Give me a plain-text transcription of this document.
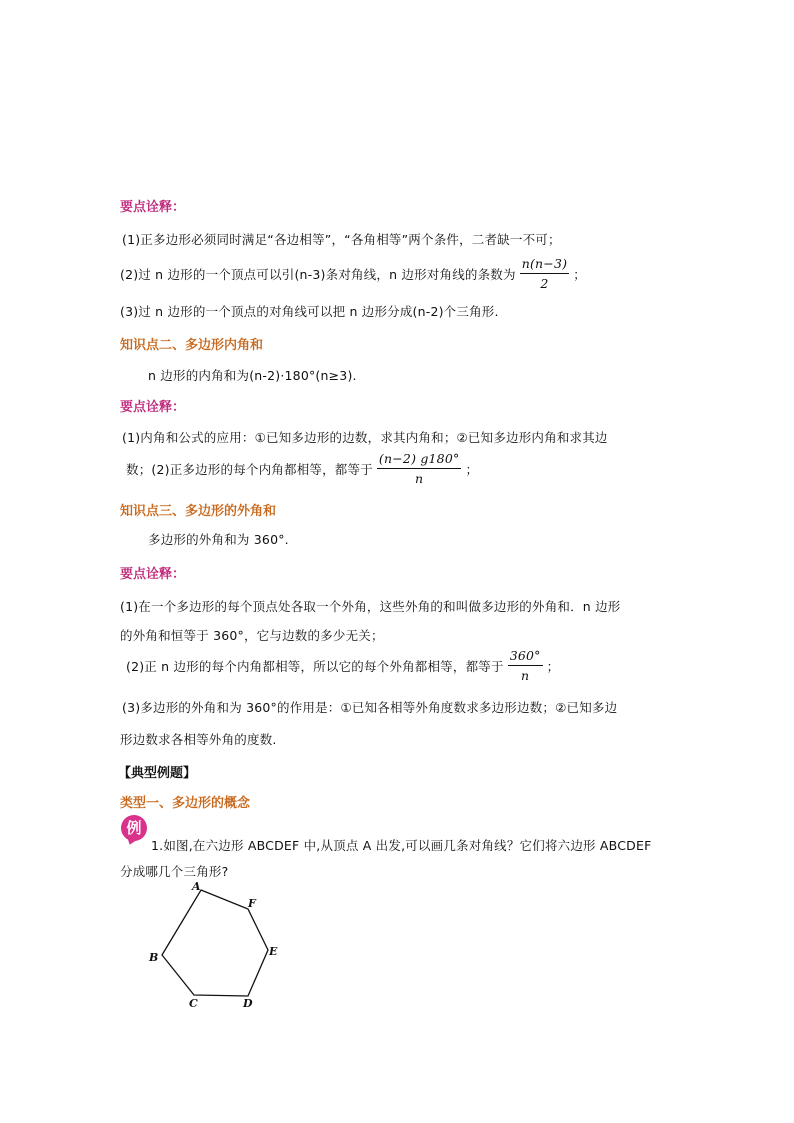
要点诠释：
(1)正多边形必须同时满足“各边相等”，“各角相等”两个条件，二者缺一不可；
(2)过 n 边形的一个顶点可以引(n-3)条对角线，n 边形对角线的条数为 $\frac{n(n-3)}{2}$ ；
(3)过 n 边形的一个顶点的对角线可以把 n 边形分成(n-2)个三角形.
知识点二、多边形内角和
n 边形的内角和为(n-2)·180°(n≥3).
要点诠释：
(1)内角和公式的应用：①已知多边形的边数，求其内角和；②已知多边形内角和求其边
数；(2)正多边形的每个内角都相等，都等于 $\frac{(n-2) g180^\circ}{n}$ ；
知识点三、多边形的外角和
多边形的外角和为 360°.
要点诠释：
(1)在一个多边形的每个顶点处各取一个外角，这些外角的和叫做多边形的外角和．n 边形
的外角和恒等于 360°，它与边数的多少无关；
(2)正 n 边形的每个内角都相等，所以它的每个外角都相等，都等于 $\frac{360^\circ}{n}$ ；
(3)多边形的外角和为 360°的作用是：①已知各相等外角度数求多边形边数；②已知多边
形边数求各相等外角的度数.
【典型例题】
类型一、多边形的概念
例
1.如图,在六边形 ABCDEF 中,从顶点 A 出发,可以画几条对角线？它们将六边形 ABCDEF
分成哪几个三角形?
A
F
E
D
C
B
